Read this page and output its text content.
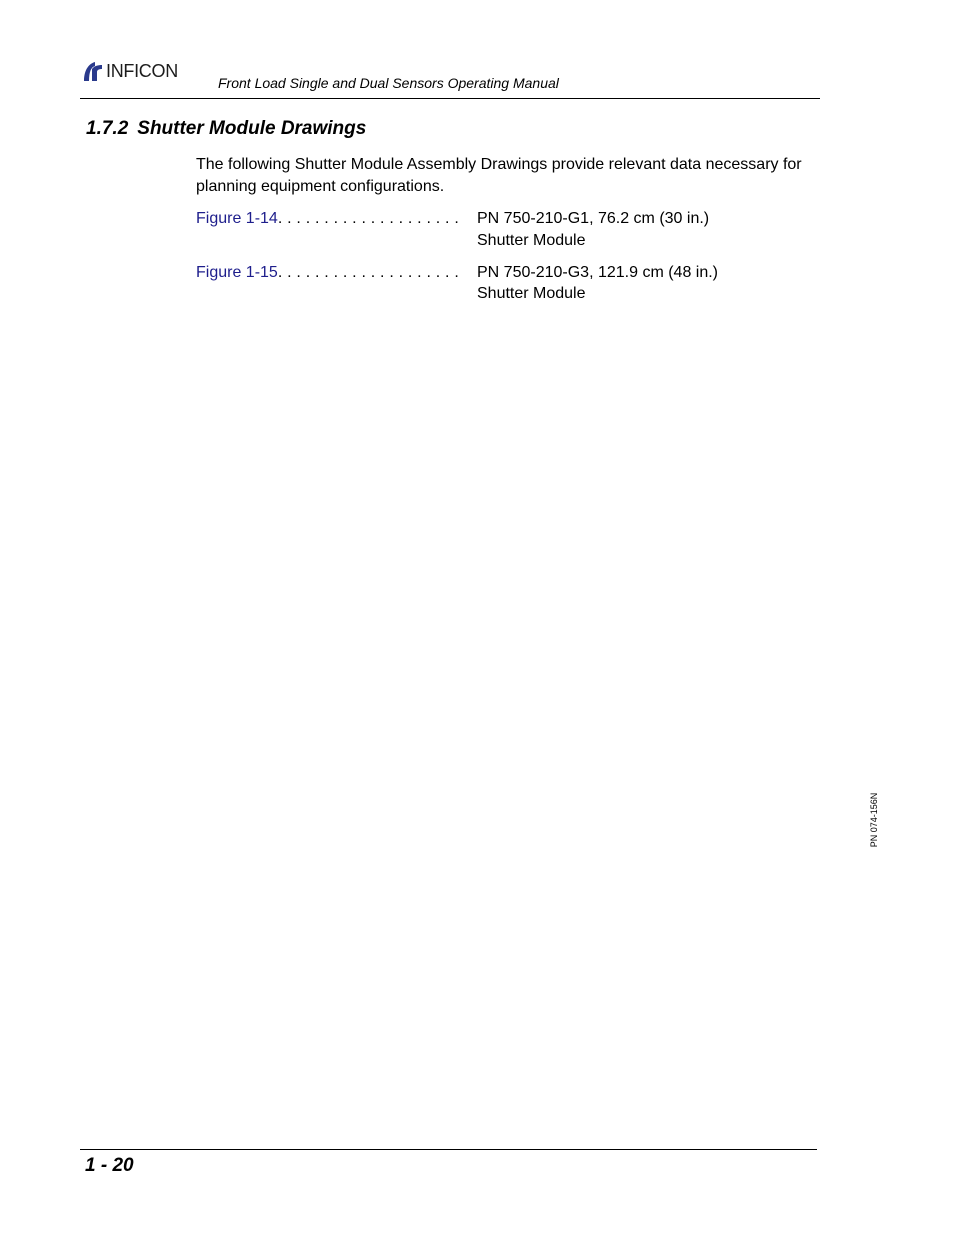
INFICON
Front Load Single and Dual Sensors Operating Manual
1.7.2 Shutter Module Drawings
The following Shutter Module Assembly Drawings provide relevant data necessary for planning equipment configurations.
Figure 1-14. . . . . . . . . . . . . . . . . . . . PN 750-210-G1, 76.2 cm (30 in.)
Shutter Module
Figure 1-15. . . . . . . . . . . . . . . . . . . . PN 750-210-G3, 121.9 cm (48 in.)
Shutter Module
PN 074-156N
1 - 20
